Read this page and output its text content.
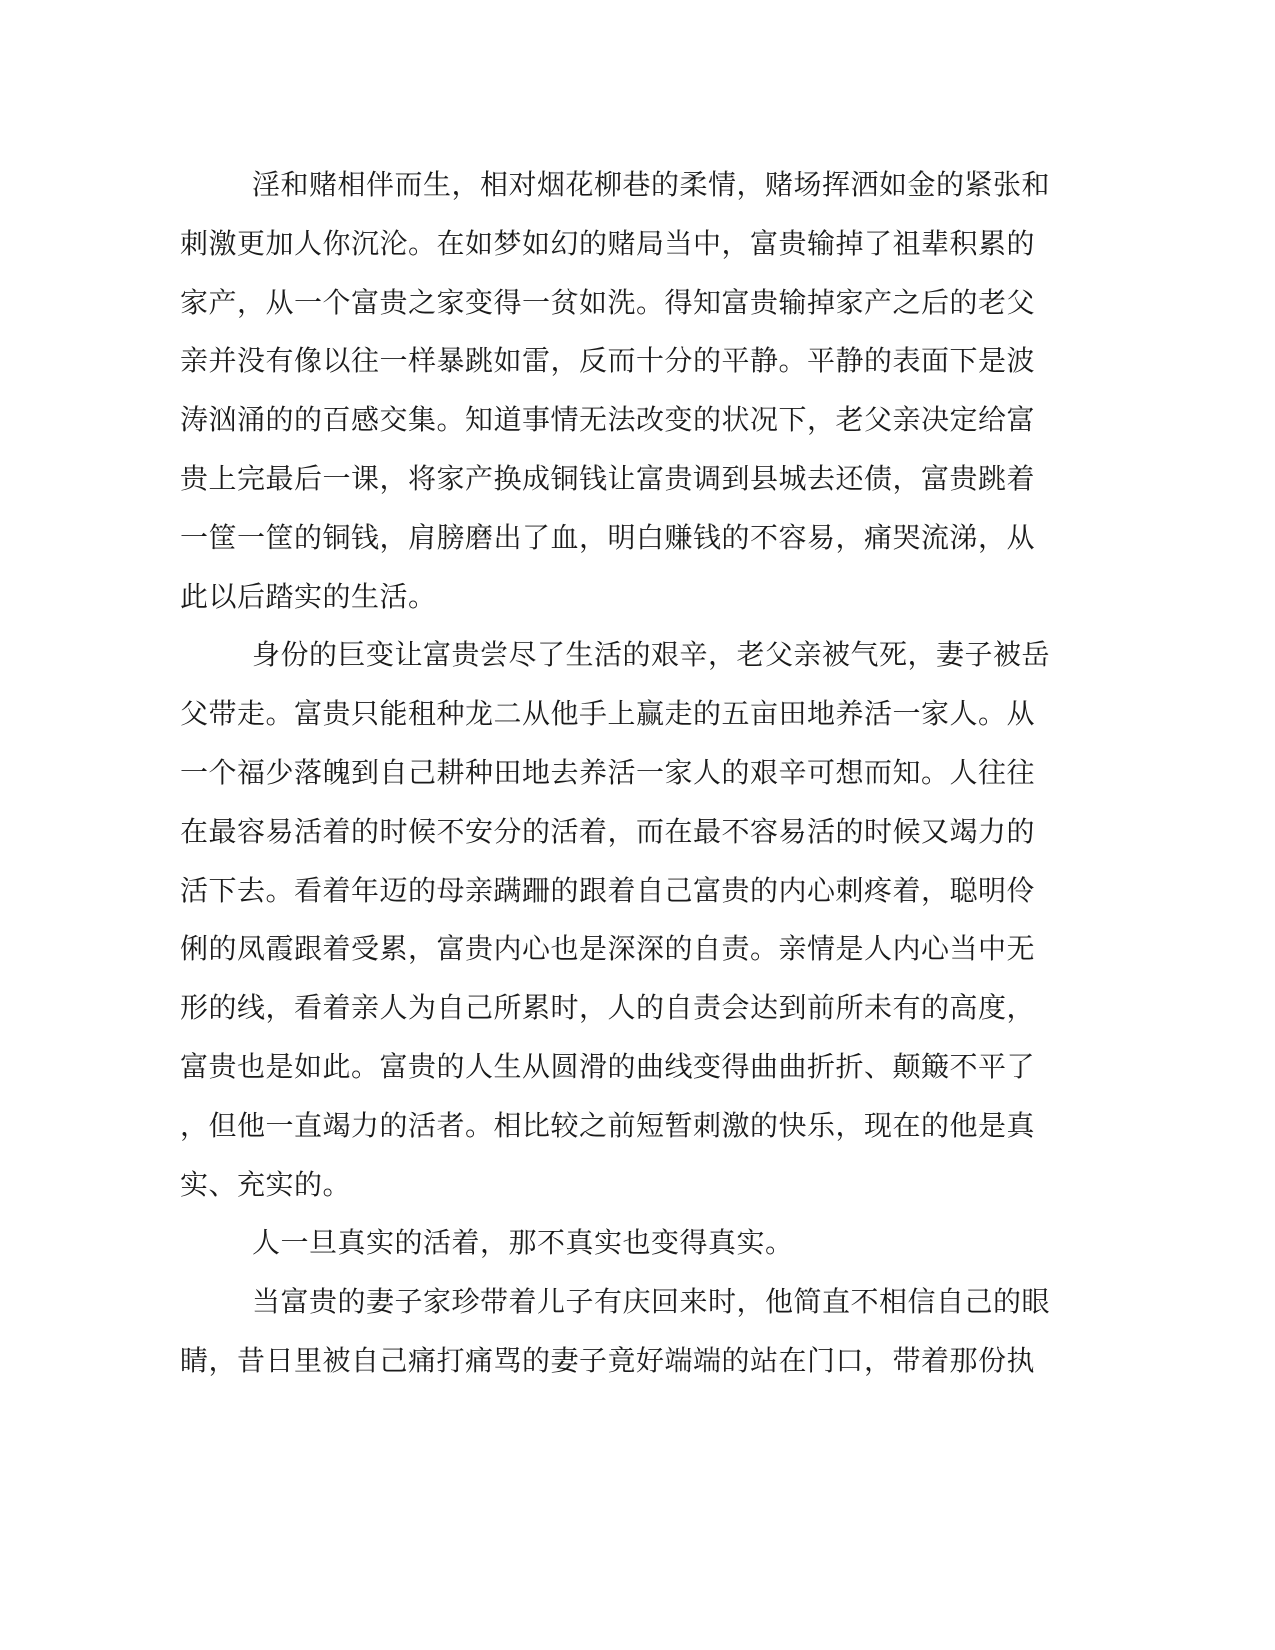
淫和赌相伴而生，相对烟花柳巷的柔情，赌场挥洒如金的紧张和
刺激更加人你沉沦。在如梦如幻的赌局当中，富贵输掉了祖辈积累的
家产，从一个富贵之家变得一贫如洗。得知富贵输掉家产之后的老父
亲并没有像以往一样暴跳如雷，反而十分的平静。平静的表面下是波
涛汹涌的的百感交集。知道事情无法改变的状况下，老父亲决定给富
贵上完最后一课，将家产换成铜钱让富贵调到县城去还债，富贵跳着
一筐一筐的铜钱，肩膀磨出了血，明白赚钱的不容易，痛哭流涕，从
此以后踏实的生活。
身份的巨变让富贵尝尽了生活的艰辛，老父亲被气死，妻子被岳
父带走。富贵只能租种龙二从他手上赢走的五亩田地养活一家人。从
一个福少落魄到自己耕种田地去养活一家人的艰辛可想而知。人往往
在最容易活着的时候不安分的活着，而在最不容易活的时候又竭力的
活下去。看着年迈的母亲蹒跚的跟着自己富贵的内心刺疼着，聪明伶
俐的凤霞跟着受累，富贵内心也是深深的自责。亲情是人内心当中无
形的线，看着亲人为自己所累时，人的自责会达到前所未有的高度，
富贵也是如此。富贵的人生从圆滑的曲线变得曲曲折折、颠簸不平了
，但他一直竭力的活者。相比较之前短暂刺激的快乐，现在的他是真
实、充实的。
人一旦真实的活着，那不真实也变得真实。
当富贵的妻子家珍带着儿子有庆回来时，他简直不相信自己的眼
睛，昔日里被自己痛打痛骂的妻子竟好端端的站在门口，带着那份执
